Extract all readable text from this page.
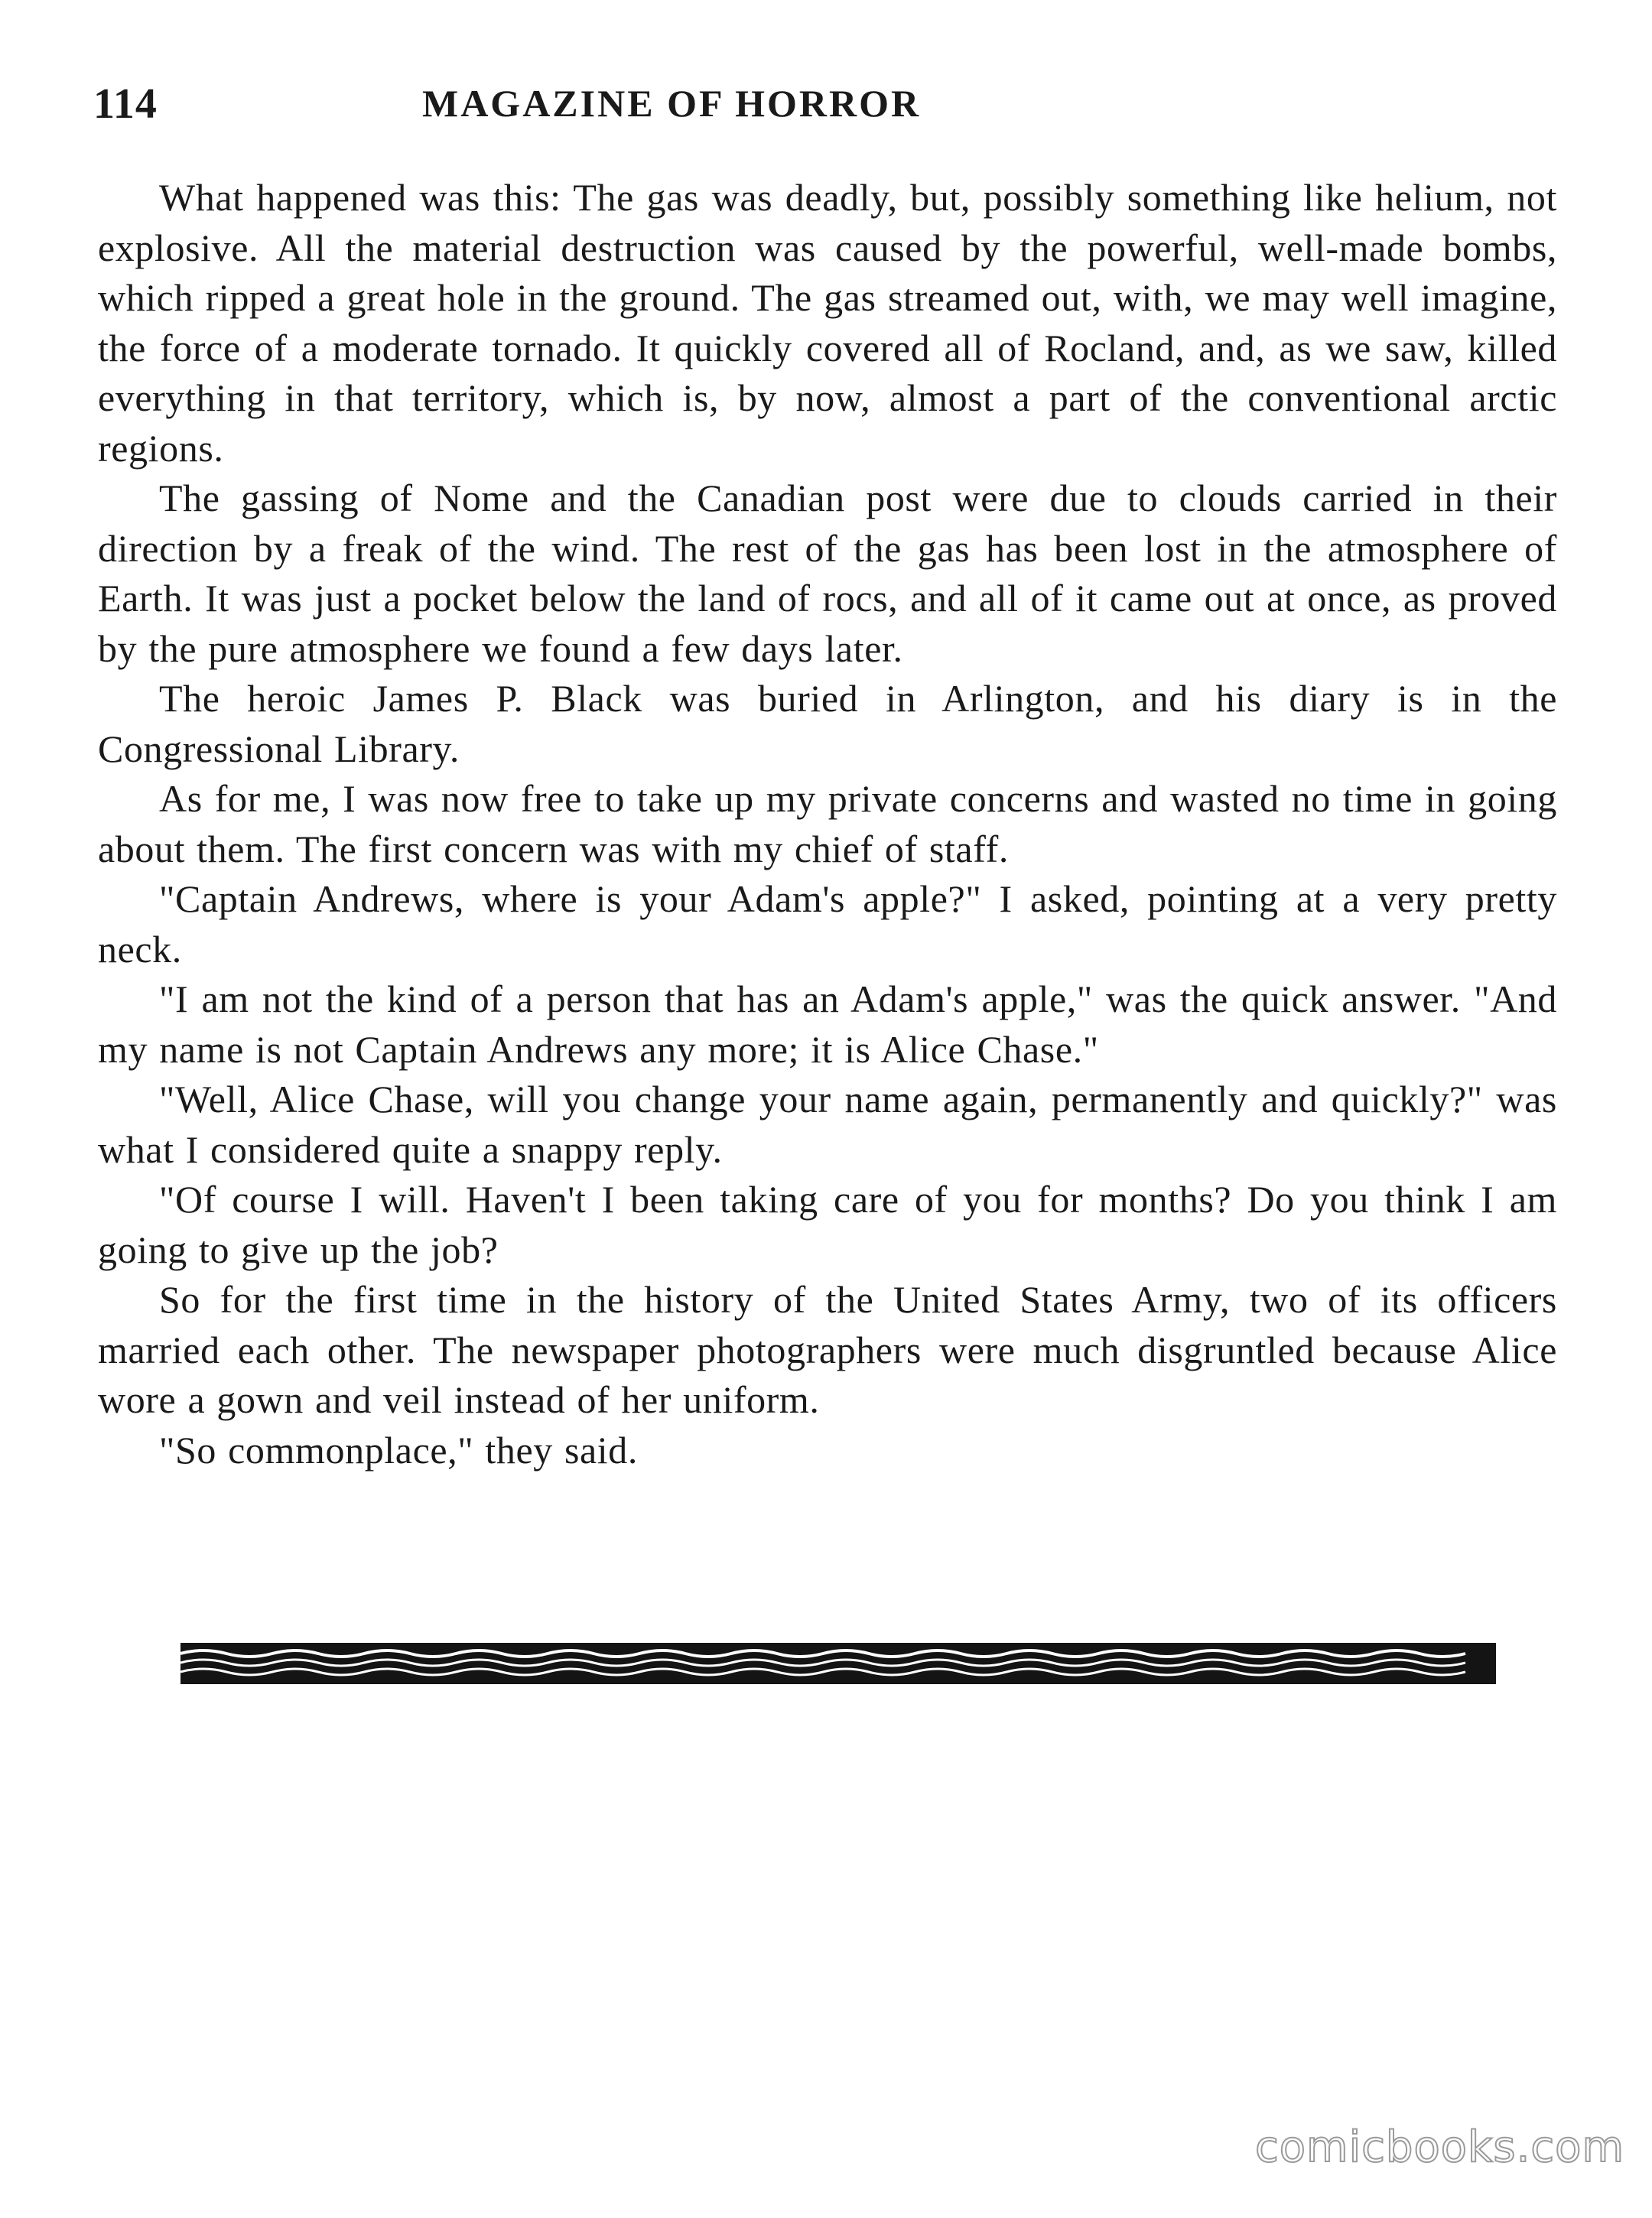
114	MAGAZINE OF HORROR

What happened was this: The gas was deadly, but, possibly something like helium, not explosive. All the material destruction was caused by the powerful, well-made bombs, which ripped a great hole in the ground. The gas streamed out, with, we may well imagine, the force of a moderate tornado. It quickly covered all of Rocland, and, as we saw, killed everything in that territory, which is, by now, almost a part of the conventional arctic regions.

The gassing of Nome and the Canadian post were due to clouds carried in their direction by a freak of the wind. The rest of the gas has been lost in the atmosphere of Earth. It was just a pocket below the land of rocs, and all of it came out at once, as proved by the pure atmosphere we found a few days later.

The heroic James P. Black was buried in Arlington, and his diary is in the Congressional Library.

As for me, I was now free to take up my private concerns and wasted no time in going about them. The first concern was with my chief of staff.

"Captain Andrews, where is your Adam's apple?" I asked, pointing at a very pretty neck.

"I am not the kind of a person that has an Adam's apple," was the quick answer. "And my name is not Captain Andrews any more; it is Alice Chase."

"Well, Alice Chase, will you change your name again, permanently and quickly?" was what I considered quite a snappy reply.

"Of course I will. Haven't I been taking care of you for months? Do you think I am going to give up the job?

So for the first time in the history of the United States Army, two of its officers married each other. The newspaper photographers were much disgruntled because Alice wore a gown and veil instead of her uniform.

"So commonplace," they said.

comicbooks.com
